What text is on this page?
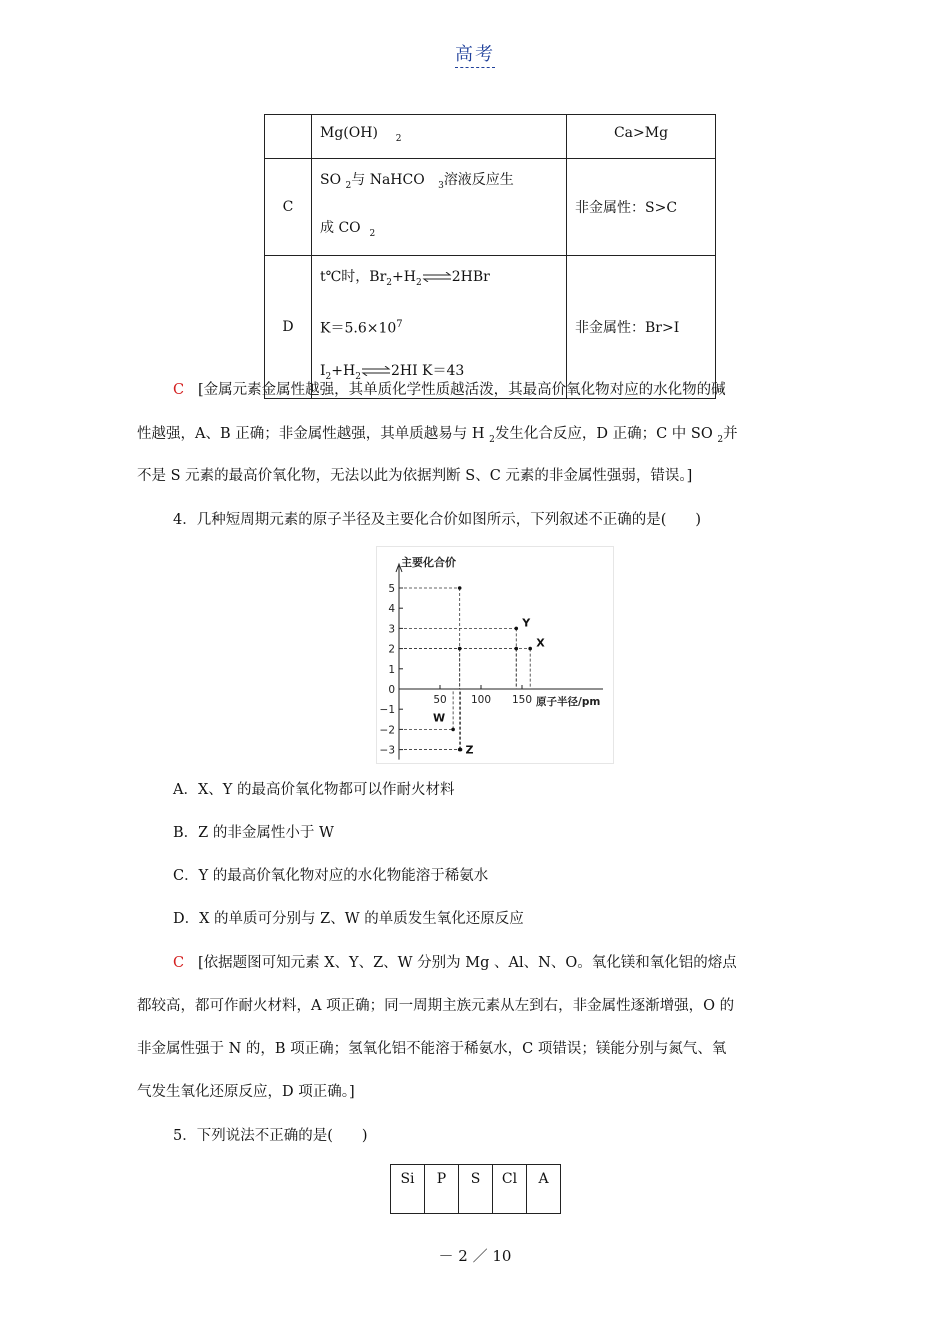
高考
	Mg(OH) $_2$	Ca>Mg
C	SO $_2$与 NaHCO $_3$溶液反应生

成 CO $_2$	非金属性：S>C
D	t℃时，$Br_2+H_2$ ⇌2HBr
$K=5.6\times 10^7$
$I_2+H_2$ ⇌2HI K＝43	非金属性：Br>I
C [金属元素金属性越强，其单质化学性质越活泼，其最高价氧化物对应的水化物的碱
性越强，A、B 正确；非金属性越强，其单质越易与 H $_2$发生化合反应，D 正确；C 中 SO $_2$并
不是 S 元素的最高价氧化物，无法以此为依据判断 S、C 元素的非金属性强弱，错误。]
4．几种短周期元素的原子半径及主要化合价如图所示，下列叙述不正确的是(　　)
主要化合价
5
4
3
2
1
0
−1
−2
−3
50 100 150 原子半径/pm
Y
X
W
Z
A．X、Y 的最高价氧化物都可以作耐火材料
B．Z 的非金属性小于 W
C．Y 的最高价氧化物对应的水化物能溶于稀氨水
D．X 的单质可分别与 Z、W 的单质发生氧化还原反应
C [依据题图可知元素 X、Y、Z、W 分别为 Mg 、Al、N、O。氧化镁和氧化铝的熔点
都较高，都可作耐火材料，A 项正确；同一周期主族元素从左到右，非金属性逐渐增强，O 的
非金属性强于 N 的，B 项正确；氢氧化铝不能溶于稀氨水，C 项错误；镁能分别与氮气、氧
气发生氧化还原反应，D 项正确。]
5．下列说法不正确的是(　　)
Si	P	S	Cl	A
－ 2 ／ 10
